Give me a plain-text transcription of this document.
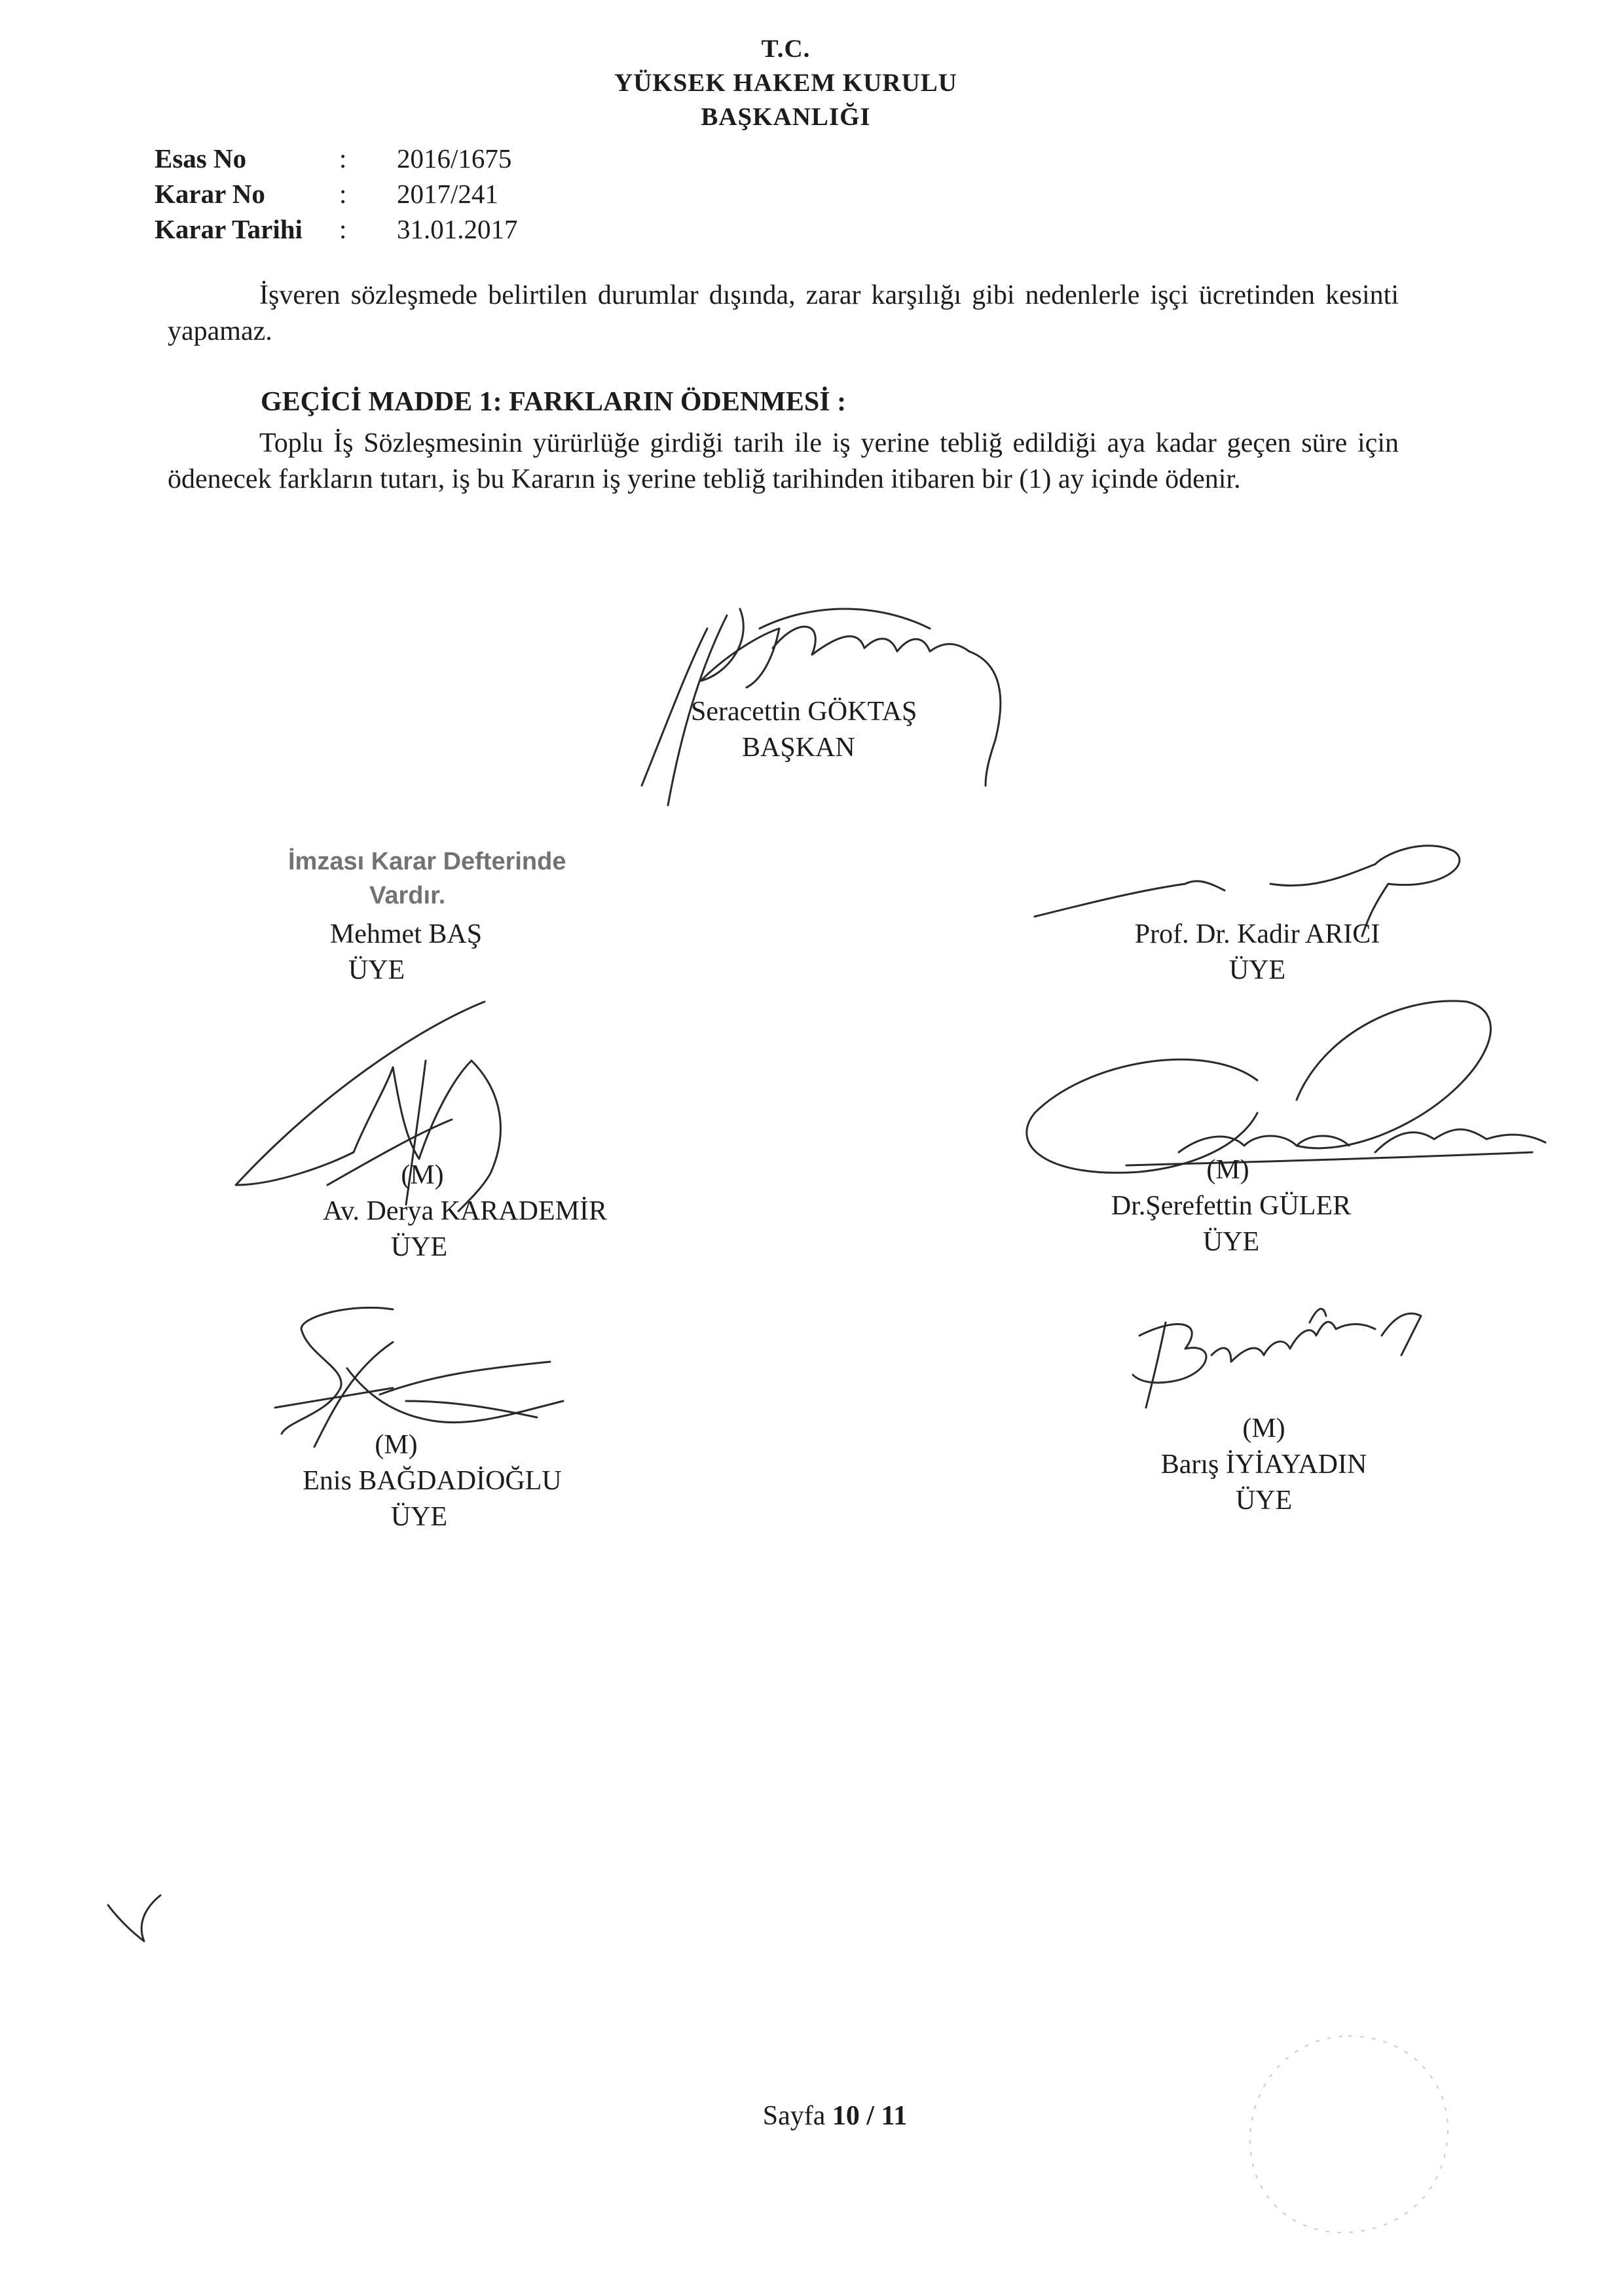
T.C.
YÜKSEK HAKEM KURULU
BAŞKANLIĞI
Esas No	: 2016/1675
Karar No	: 2017/241
Karar Tarihi : 31.01.2017
İşveren sözleşmede belirtilen durumlar dışında, zarar karşılığı gibi nedenlerle işçi ücretinden kesinti yapamaz.
GEÇİCİ MADDE 1: FARKLARIN ÖDENMESİ :
Toplu İş Sözleşmesinin yürürlüğe girdiği tarih ile iş yerine tebliğ edildiği aya kadar geçen süre için ödenecek farkların tutarı, iş bu Kararın iş yerine tebliğ tarihinden itibaren bir (1) ay içinde ödenir.
Seracettin GÖKTAŞ
BAŞKAN
İmzası Karar Defterinde
Vardır.
Mehmet BAŞ
ÜYE
Prof. Dr. Kadir ARICI
ÜYE
(M)
Av. Derya KARADEMİR
ÜYE
(M)
Dr.Şerefettin GÜLER
ÜYE
(M)
Enis BAĞDADİOĞLU
ÜYE
(M)
Barış İYİAYADIN
ÜYE
Sayfa 10 / 11
